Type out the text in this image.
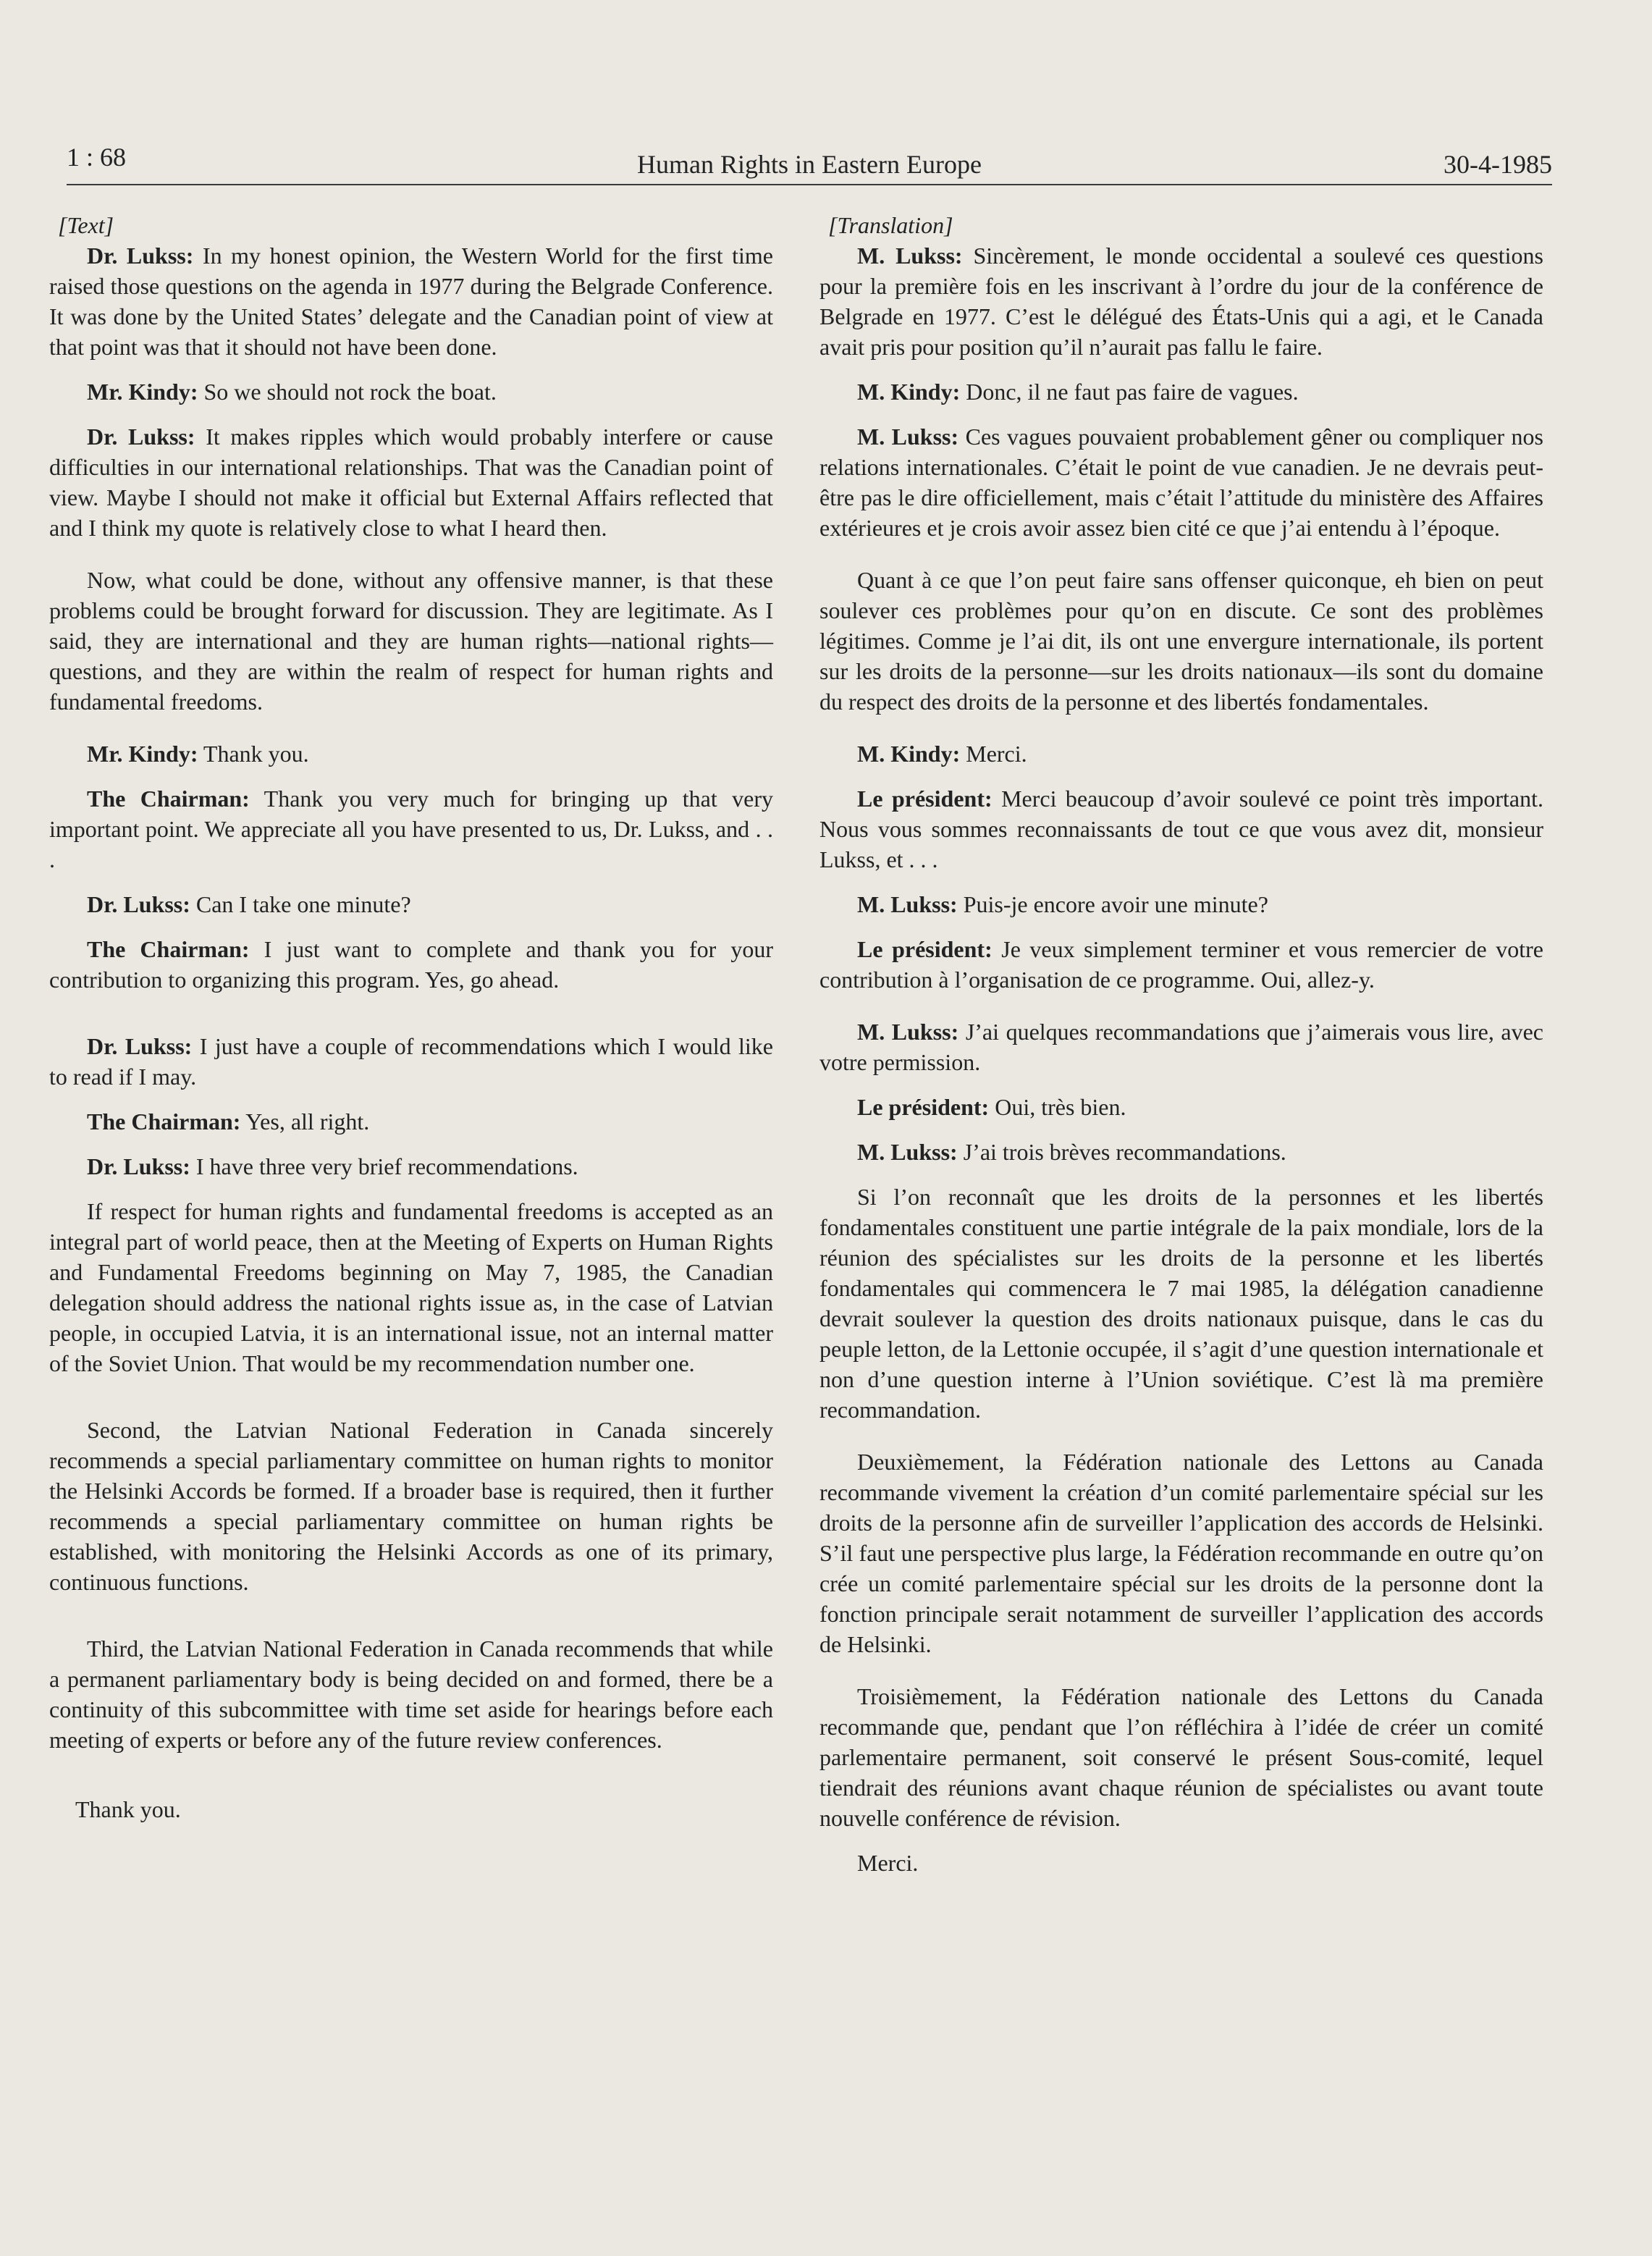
1 : 68	Human Rights in Eastern Europe	30-4-1985

[Text]

Dr. Lukss: In my honest opinion, the Western World for the first time raised those questions on the agenda in 1977 during the Belgrade Conference. It was done by the United States’ delegate and the Canadian point of view at that point was that it should not have been done.

Mr. Kindy: So we should not rock the boat.

Dr. Lukss: It makes ripples which would probably interfere or cause difficulties in our international relationships. That was the Canadian point of view. Maybe I should not make it official but External Affairs reflected that and I think my quote is relatively close to what I heard then.

Now, what could be done, without any offensive manner, is that these problems could be brought forward for discussion. They are legitimate. As I said, they are international and they are human rights—national rights—questions, and they are within the realm of respect for human rights and fundamental freedoms.

Mr. Kindy: Thank you.

The Chairman: Thank you very much for bringing up that very important point. We appreciate all you have presented to us, Dr. Lukss, and . . .

Dr. Lukss: Can I take one minute?

The Chairman: I just want to complete and thank you for your contribution to organizing this program. Yes, go ahead.

Dr. Lukss: I just have a couple of recommendations which I would like to read if I may.

The Chairman: Yes, all right.

Dr. Lukss: I have three very brief recommendations.

If respect for human rights and fundamental freedoms is accepted as an integral part of world peace, then at the Meeting of Experts on Human Rights and Fundamental Freedoms beginning on May 7, 1985, the Canadian delegation should address the national rights issue as, in the case of Latvian people, in occupied Latvia, it is an international issue, not an internal matter of the Soviet Union. That would be my recommendation number one.

Second, the Latvian National Federation in Canada sincerely recommends a special parliamentary committee on human rights to monitor the Helsinki Accords be formed. If a broader base is required, then it further recommends a special parliamentary committee on human rights be established, with monitoring the Helsinki Accords as one of its primary, continuous functions.

Third, the Latvian National Federation in Canada recommends that while a permanent parliamentary body is being decided on and formed, there be a continuity of this subcommittee with time set aside for hearings before each meeting of experts or before any of the future review conferences.

Thank you.

[Translation]

M. Lukss: Sincèrement, le monde occidental a soulevé ces questions pour la première fois en les inscrivant à l’ordre du jour de la conférence de Belgrade en 1977. C’est le délégué des États-Unis qui a agi, et le Canada avait pris pour position qu’il n’aurait pas fallu le faire.

M. Kindy: Donc, il ne faut pas faire de vagues.

M. Lukss: Ces vagues pouvaient probablement gêner ou compliquer nos relations internationales. C’était le point de vue canadien. Je ne devrais peut-être pas le dire officiellement, mais c’était l’attitude du ministère des Affaires extérieures et je crois avoir assez bien cité ce que j’ai entendu à l’époque.

Quant à ce que l’on peut faire sans offenser quiconque, eh bien on peut soulever ces problèmes pour qu’on en discute. Ce sont des problèmes légitimes. Comme je l’ai dit, ils ont une envergure internationale, ils portent sur les droits de la personne—sur les droits nationaux—ils sont du domaine du respect des droits de la personne et des libertés fondamentales.

M. Kindy: Merci.

Le président: Merci beaucoup d’avoir soulevé ce point très important. Nous vous sommes reconnaissants de tout ce que vous avez dit, monsieur Lukss, et . . .

M. Lukss: Puis-je encore avoir une minute?

Le président: Je veux simplement terminer et vous remercier de votre contribution à l’organisation de ce programme. Oui, allez-y.

M. Lukss: J’ai quelques recommandations que j’aimerais vous lire, avec votre permission.

Le président: Oui, très bien.

M. Lukss: J’ai trois brèves recommandations.

Si l’on reconnaît que les droits de la personnes et les libertés fondamentales constituent une partie intégrale de la paix mondiale, lors de la réunion des spécialistes sur les droits de la personne et les libertés fondamentales qui commencera le 7 mai 1985, la délégation canadienne devrait soulever la question des droits nationaux puisque, dans le cas du peuple letton, de la Lettonie occupée, il s’agit d’une question internationale et non d’une question interne à l’Union soviétique. C’est là ma première recommandation.

Deuxièmement, la Fédération nationale des Lettons au Canada recommande vivement la création d’un comité parlementaire spécial sur les droits de la personne afin de surveiller l’application des accords de Helsinki. S’il faut une perspective plus large, la Fédération recommande en outre qu’on crée un comité parlementaire spécial sur les droits de la personne dont la fonction principale serait notamment de surveiller l’application des accords de Helsinki.

Troisièmement, la Fédération nationale des Lettons du Canada recommande que, pendant que l’on réfléchira à l’idée de créer un comité parlementaire permanent, soit conservé le présent Sous-comité, lequel tiendrait des réunions avant chaque réunion de spécialistes ou avant toute nouvelle conférence de révision.

Merci.
